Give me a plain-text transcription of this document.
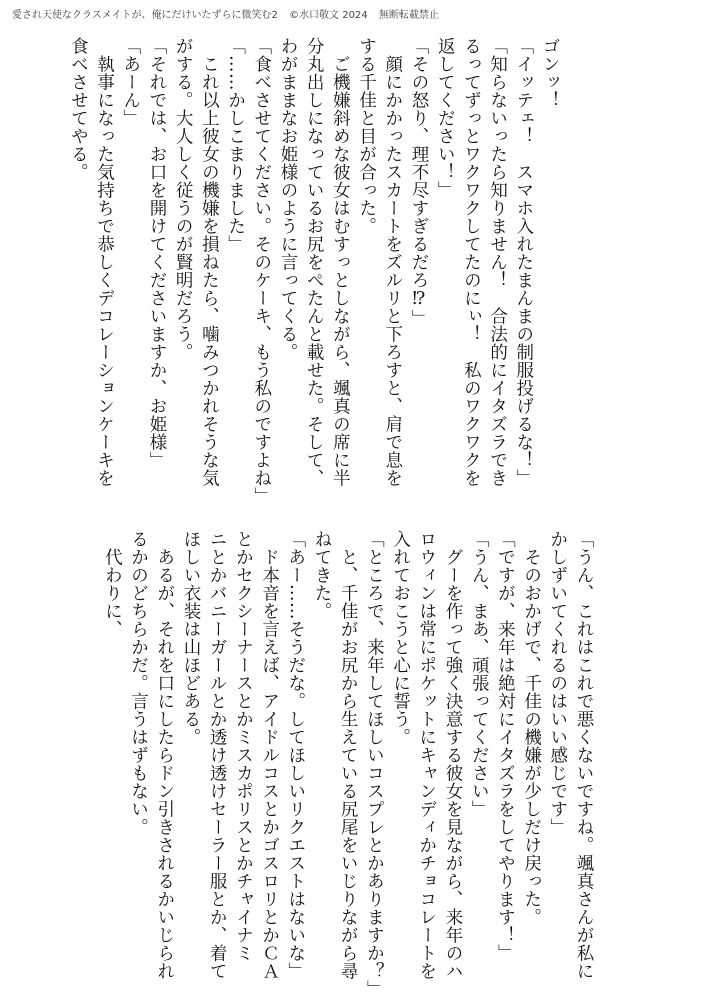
愛され天使なクラスメイトが、俺にだけいたずらに微笑む2 ©水口敬文 2024 無断転載禁止
ゴンッ！
「イッテェ！　スマホ入れたまんまの制服投げるな！」
「知らないったら知りません！　合法的にイタズラでき
るってずっとワクワクしてたのにぃ！　私のワクワクを
返してください！」
「その怒り、理不尽すぎるだろ⁉」
　顔にかかったスカートをズルリと下ろすと、肩で息を
する千佳と目が合った。
　ご機嫌斜めな彼女はむすっとしながら、颯真の席に半
分丸出しになっているお尻をぺたんと載せた。そして、
わがままなお姫様のように言ってくる。
「食べさせてください。そのケーキ、もう私のですよね」
「……かしこまりました」
　これ以上彼女の機嫌を損ねたら、噛みつかれそうな気
がする。大人しく従うのが賢明だろう。
「それでは、お口を開けてくださいますか、お姫様」
「あーん」
　執事になった気持ちで恭しくデコレーションケーキを
食べさせてやる。
「うん、これはこれで悪くないですね。颯真さんが私に
かしずいてくれるのはいい感じです」
　そのおかげで、千佳の機嫌が少しだけ戻った。
「ですが、来年は絶対にイタズラをしてやります！」
「うん、まあ、頑張ってください」
　グーを作って強く決意する彼女を見ながら、来年のハ
ロウィンは常にポケットにキャンディかチョコレートを
入れておこうと心に誓う。
「ところで、来年してほしいコスプレとかありますか？」
　と、千佳がお尻から生えている尻尾をいじりながら尋
ねてきた。
「あー……そうだな。してほしいリクエストはないな」
　ド本音を言えば、アイドルコスとかゴスロリとかＣＡ
とかセクシーナースとかミスカポリスとかチャイナミ
ニとかバニーガールとか透け透けセーラー服とか、着て
ほしい衣装は山ほどある。
　あるが、それを口にしたらドン引きされるかいじられ
るかのどちらかだ。言うはずもない。
　代わりに、
